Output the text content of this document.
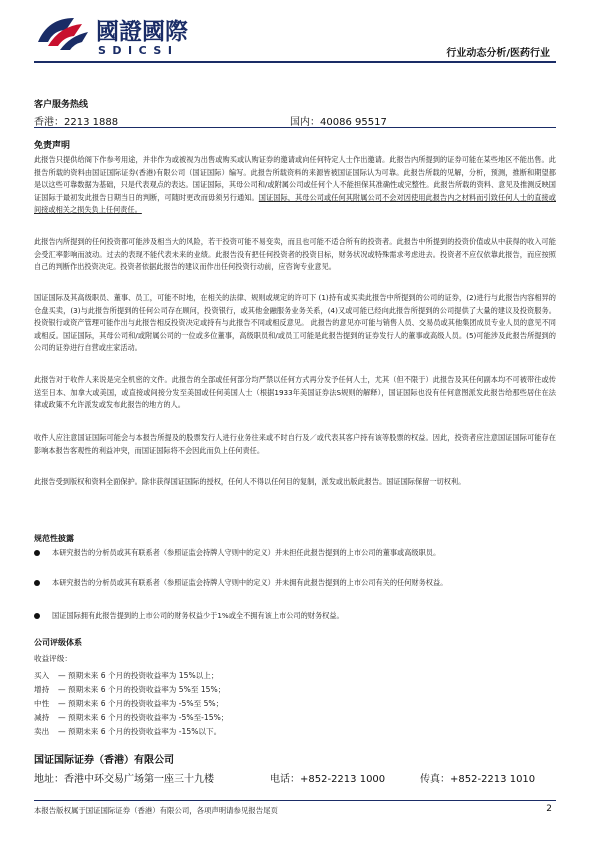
國證國際
SDICSI	行业动态分析/医药行业
客户服务热线
香港：2213 1888	国内：40086 95517
免责声明

此报告只提供给阁下作参考用途，并非作为或被视为出售或购买或认购证券的邀请或向任何特定人士作出邀请。此报告内所提到的证券可能在某些地区不能出售。此报告所载的资料由国证国际证券(香港)有限公司（国证国际）编写。此报告所载资料的来源皆被国证国际认为可靠。此报告所载的见解，分析，预测，推断和期望都是以这些可靠数据为基础，只是代表观点的表达。国证国际，其母公司和/或附属公司或任何个人不能担保其准确性或完整性。此报告所载的资料、意见及推测反映国证国际于最初发此报告日期当日的判断，可随时更改而毋须另行通知。国证国际，其母公司或任何其附属公司不会对因使用此报告内之材料而引致任何人士的直接或间接或相关之损失负上任何责任。

此报告内所提到的任何投资都可能涉及相当大的风险，若干投资可能不易变卖，而且也可能不适合所有的投资者。此报告中所提到的投资价值或从中获得的收入可能会受汇率影响而波动。过去的表现不能代表未来的业绩。此报告没有把任何投资者的投资目标，财务状况或特殊需求考虑进去。投资者不应仅依靠此报告，而应按照自己的判断作出投资决定。投资者依据此报告的建议而作出任何投资行动前，应咨询专业意见。

国证国际及其高级职员、董事、员工，可能不时地，在相关的法律、规则或规定的许可下 (1)持有或买卖此报告中所提到的公司的证券，(2)进行与此报告内容相异的仓盘买卖，(3)与此报告所提到的任何公司存在顾问，投资银行，或其他金融服务业务关系，(4)又或可能已经向此报告所提到的公司提供了大量的建议及投资服务。投资银行或资产管理可能作出与此报告相反投资决定或持有与此报告不同或相反意见。 此报告的意见亦可能与销售人员、交易员或其他集团成员专业人员的意见不同或相反。国证国际，其母公司和/或附属公司的一位或多位董事，高级职员和/或员工可能是此报告提到的证券发行人的董事或高级人员。(5)可能涉及此报告所提到的公司的证券进行自营或庄家活动。

此报告对于收件人来说是完全机密的文件。此报告的全部或任何部分均严禁以任何方式再分发予任何人士，尤其（但不限于）此报告及其任何副本均不可被带往或传送至日本、加拿大或美国，或直接或间接分发至美国或任何美国人士（根据1933年美国证券法S规则的解释），国证国际也没有任何意图派发此报告给那些居住在法律或政策不允许派发或发布此报告的地方的人。

收件人应注意国证国际可能会与本报告所提及的股票发行人进行业务往来或不时自行及／或代表其客户持有该等股票的权益。因此，投资者应注意国证国际可能存在影响本报告客观性的利益冲突，而国证国际将不会因此而负上任何责任。

此报告受到版权和资料全面保护。除非获得国证国际的授权，任何人不得以任何目的复制，派发或出版此报告。国证国际保留一切权利。

规范性披露
本研究报告的分析员或其有联系者（参照证监会持牌人守则中的定义）并未担任此报告提到的上市公司的董事或高级职员。
本研究报告的分析员或其有联系者（参照证监会持牌人守则中的定义）并未拥有此报告提到的上市公司有关的任何财务权益。
国证国际拥有此报告提到的上市公司的财务权益少于1%或全不拥有该上市公司的财务权益。
公司评级体系
收益评级：
买入 — 预期未来 6 个月的投资收益率为 15%以上；
增持 — 预期未来 6 个月的投资收益率为 5%至 15%；
中性 — 预期未来 6 个月的投资收益率为 -5%至 5%；
减持 — 预期未来 6 个月的投资收益率为 -5%至-15%；
卖出 — 预期未来 6 个月的投资收益率为 -15%以下。
国证国际证券（香港）有限公司
地址：香港中环交易广场第一座三十九楼	电话：+852-2213 1000	传真：+852-2213 1010
本报告版权属于国证国际证券（香港）有限公司，各项声明请参见报告尾页	2
